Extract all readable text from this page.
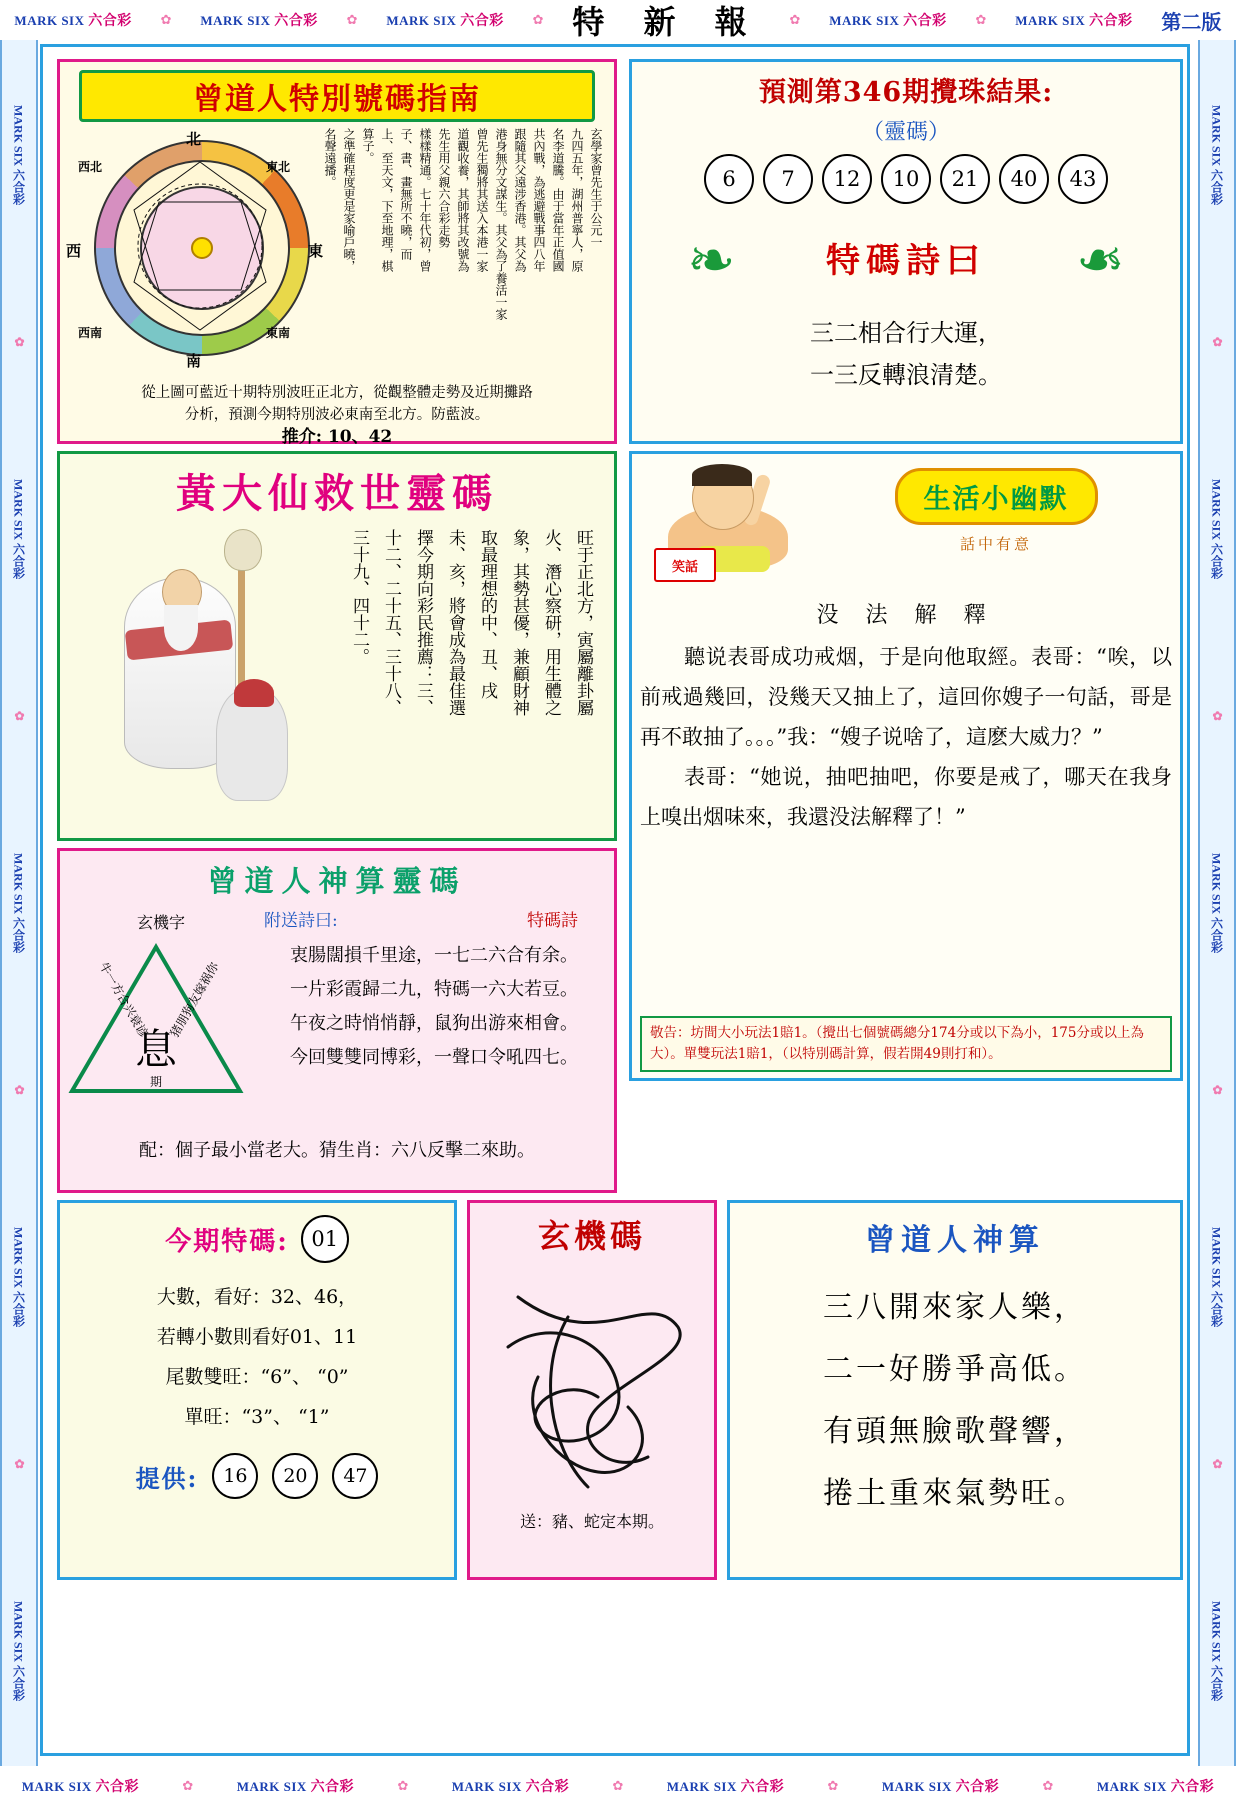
MARK SIX 六合彩 ✿ MARK SIX 六合彩 ✿ MARK SIX 六合彩 ✿ 特 新 報 ✿ MARK SIX 六合彩 ✿ MARK SIX 六合彩 第二版
MARK SIX 六合彩
✿
MARK SIX 六合彩
✿
MARK SIX 六合彩
✿
MARK SIX 六合彩
✿
MARK SIX 六合彩
MARK SIX 六合彩
✿
MARK SIX 六合彩
✿
MARK SIX 六合彩
✿
MARK SIX 六合彩
✿
MARK SIX 六合彩
曾道人特別號碼指南
北
東北
東
東南
南
西南
西
西北	玄學家曾先生于公元一

九四五年，湖州普寧人，原

名李道騰。由于當年正值國

共內戰，為逃避戰事四八年

跟隨其父遠涉香港。其父為

港身無分文謀生。其父為了養活一家

曾先生獨將其送入本港一家

道觀收養，其師將其改號為

先生用父親六合彩走勢

樣樣精通。七十年代初，曾

子、書、畫無所不曉，而

上、至天文，下至地理，棋

算子。

之準確程度更是家喻戶曉，

名聲遠播。

從上圖可藍近十期特別波旺正北方，從觀整體走勢及近期攤路
分析，預測今期特別波必東南至北方。防藍波。
推介: 10、42
預測第346期攪珠結果:
（靈碼）
6	7	12	10	21	40	43
❧	特碼詩曰 ❧
三二相合行大運，
一三反轉浪清楚。
黃大仙救世靈碼

旺于正北方，寅屬離卦屬

火、潛心察研，用生體之

象，其勢甚優，兼顧財神

取最理想的中、丑、戌

未、亥，將會成為最佳選

擇今期向彩民推薦：三、

十二、二十五、三十八、

三十九、四十二。	笑話
生活小幽默
話中有意
没 法 解 釋

聽说表哥成功戒烟，于是向他取經。表哥：“唉，以前戒過幾回，没幾天又抽上了，這回你嫂子一句話，哥是再不敢抽了。。。”我：“嫂子说啥了，這麽大威力？”

表哥：“她说，抽吧抽吧，你要是戒了，哪天在我身上嗅出烟味來，我還没法解釋了！”

敬告：坊間大小玩法1賠1。（攪出七個號碼總分174分或以下為小，175分或以上為大）。單雙玩法1賠1，（以特別碼計算，假若開49則打和）。
曾道人神算靈碼
玄機字
牛一方合兴衰谚 猪朋狗友嫁祸你
期
息
附送詩曰:	特碼詩
衷腸闊損千里途，一七二六合有余。
一片彩霞歸二九，特碼一六大若豆。
午夜之時悄悄靜，鼠狗出游來相會。
今回雙雙同博彩，一聲口令吼四七。
配：個子最小當老大。猜生肖：六八反擊二來助。
今期特碼:	01
大數，看好：32、46，
若轉小數則看好01、11
尾數雙旺：“6”、 “0”
單旺：“3”、 “1”
提供:	16	20	47
玄機碼
送：豬、蛇定本期。
曾道人神算
三八開來家人樂，
二一好勝爭高低。
有頭無臉歌聲響，
捲土重來氣勢旺。
MARK SIX 六合彩	✿	MARK SIX 六合彩	✿	MARK SIX 六合彩	✿	MARK SIX 六合彩	✿	MARK SIX 六合彩	✿	MARK SIX 六合彩
